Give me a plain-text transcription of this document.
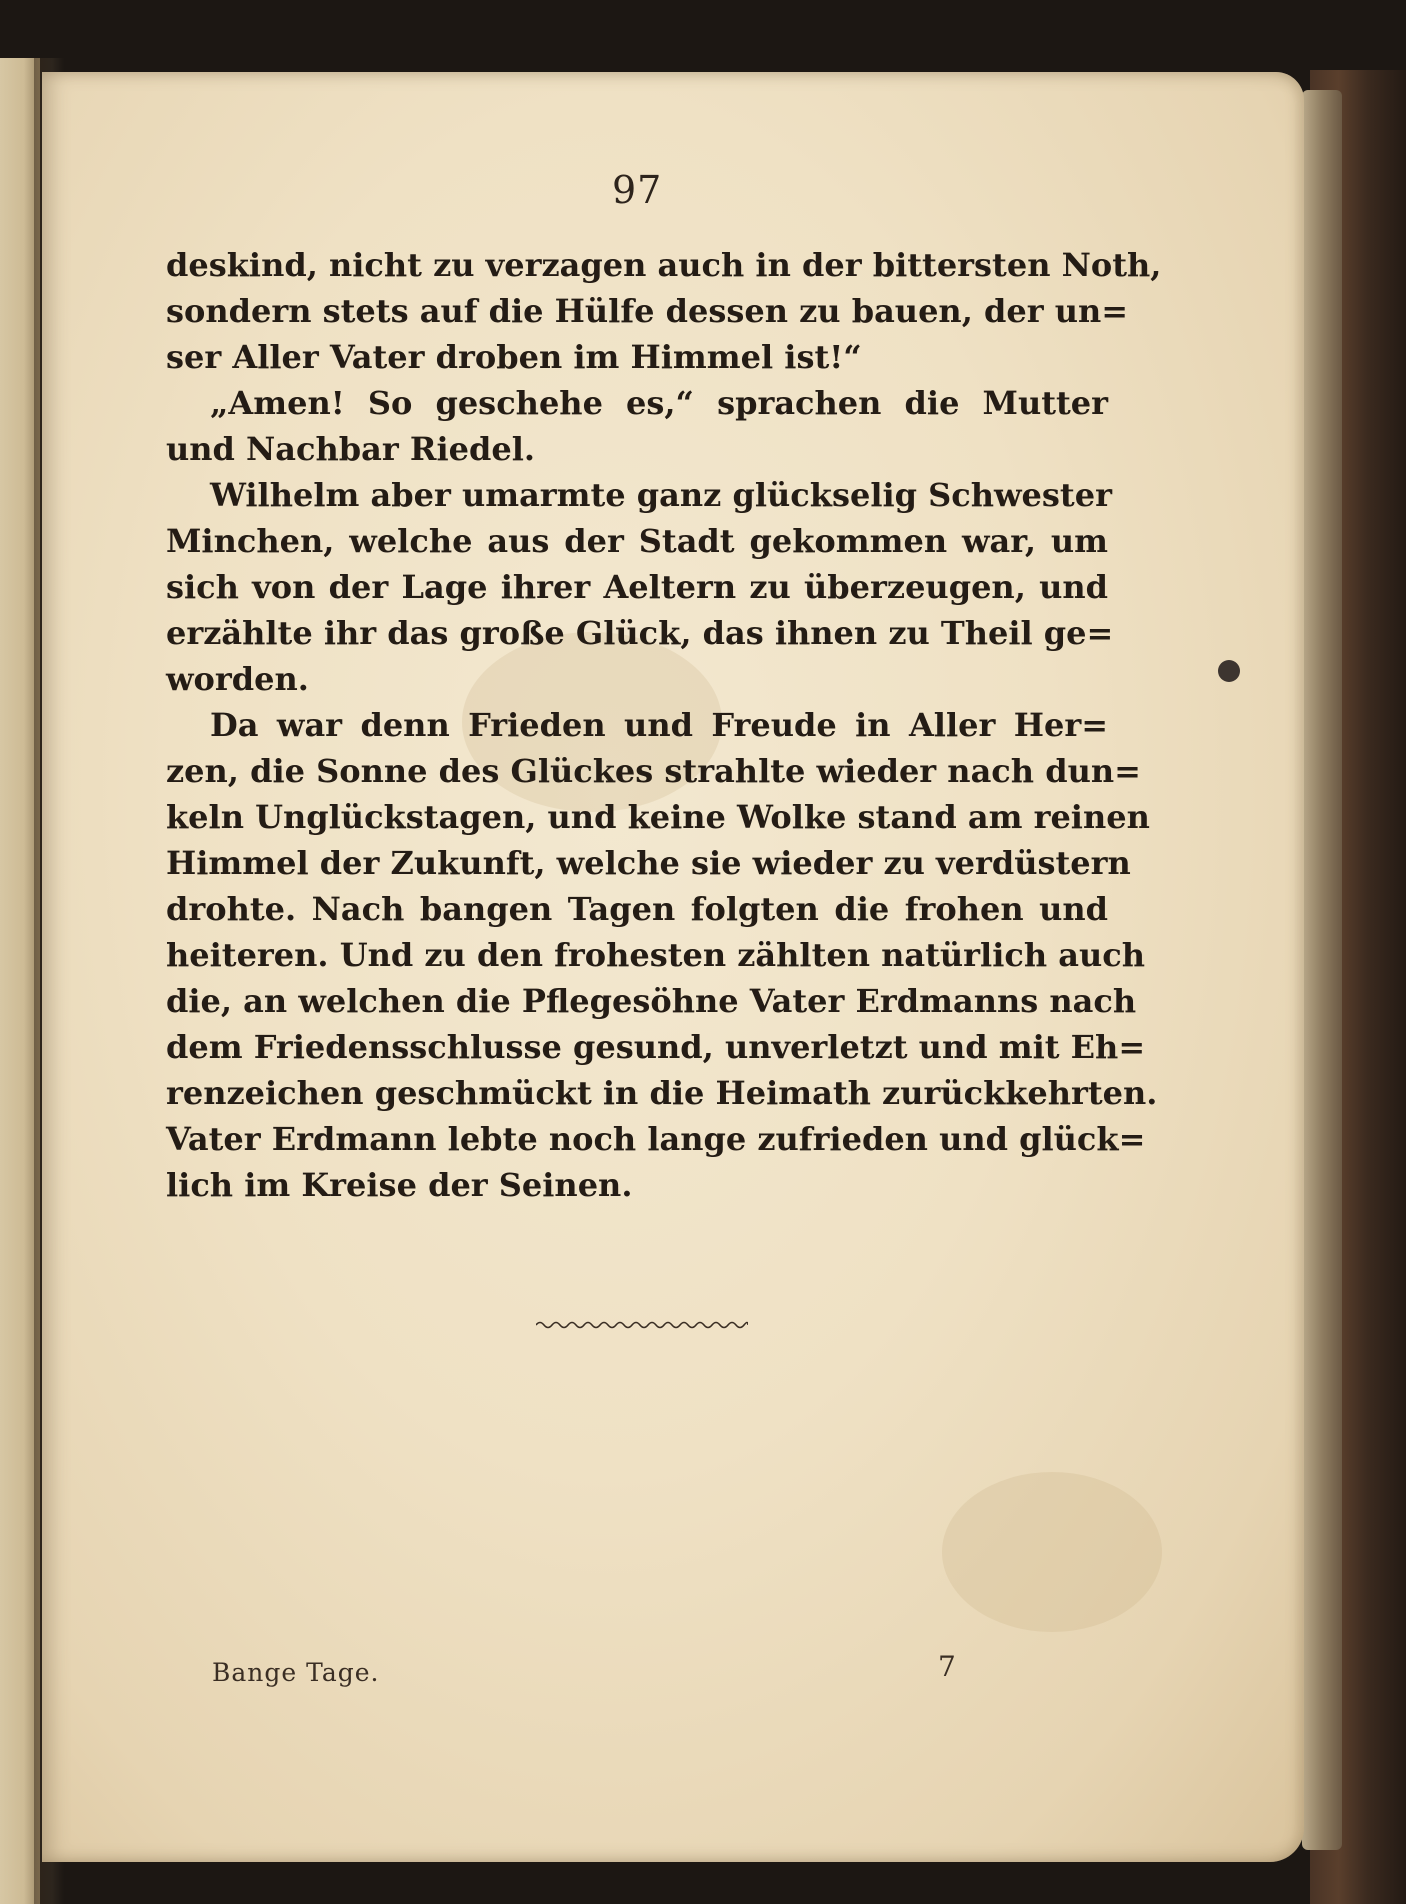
97
deskind, nicht zu verzagen auch in der bittersten Noth,
sondern stets auf die Hülfe dessen zu bauen, der un=
ser Aller Vater droben im Himmel ist!“
„Amen! So geschehe es,“ sprachen die Mutter
und Nachbar Riedel.
Wilhelm aber umarmte ganz glückselig Schwester
Minchen, welche aus der Stadt gekommen war, um
sich von der Lage ihrer Aeltern zu überzeugen, und
erzählte ihr das große Glück, das ihnen zu Theil ge=
worden.
Da war denn Frieden und Freude in Aller Her=
zen, die Sonne des Glückes strahlte wieder nach dun=
keln Unglückstagen, und keine Wolke stand am reinen
Himmel der Zukunft, welche sie wieder zu verdüstern
drohte. Nach bangen Tagen folgten die frohen und
heiteren. Und zu den frohesten zählten natürlich auch
die, an welchen die Pflegesöhne Vater Erdmanns nach
dem Friedensschlusse gesund, unverletzt und mit Eh=
renzeichen geschmückt in die Heimath zurückkehrten.
Vater Erdmann lebte noch lange zufrieden und glück=
lich im Kreise der Seinen.
Bange Tage.	7
